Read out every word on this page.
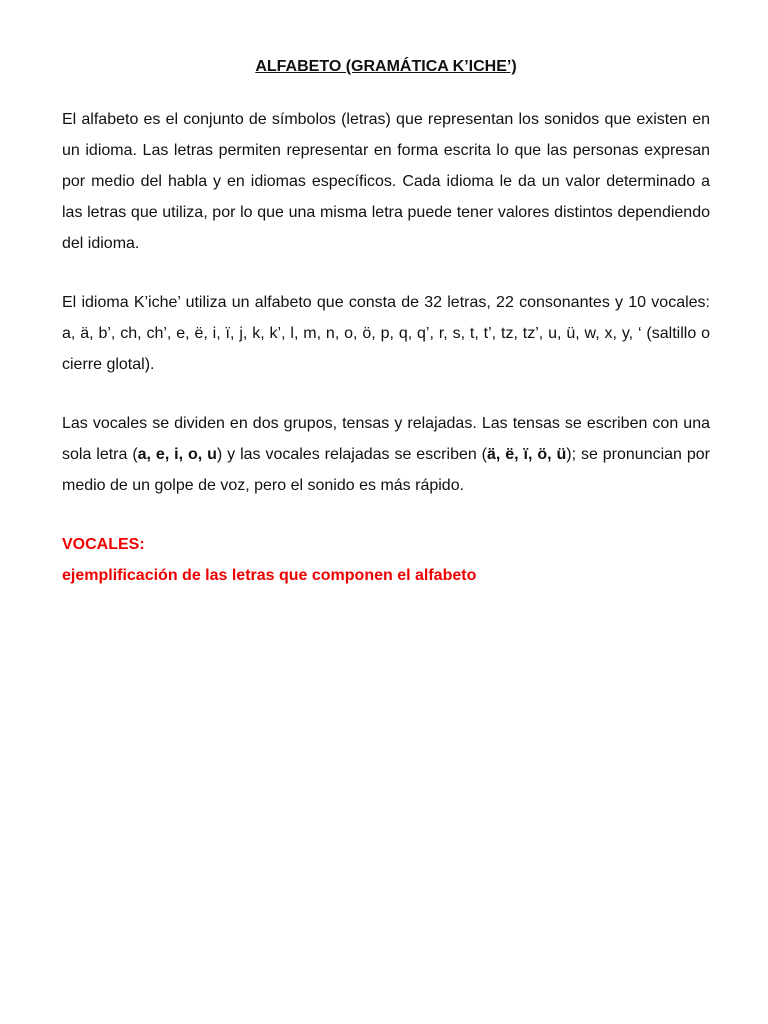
ALFABETO (GRAMÁTICA K’ICHE’)

El alfabeto es el conjunto de símbolos (letras) que representan los sonidos que existen en un idioma. Las letras permiten representar en forma escrita lo que las personas expresan por medio del habla y en idiomas específicos. Cada idioma le da un valor determinado a las letras que utiliza, por lo que una misma letra puede tener valores distintos dependiendo del idioma.

El idioma K’iche’ utiliza un alfabeto que consta de 32 letras, 22 consonantes y 10 vocales: a, ä, b’, ch, ch’, e, ë, i, ï, j, k, k’, l, m, n, o, ö, p, q, q’, r, s, t, t’, tz, tz’, u, ü, w, x, y, ‘ (saltillo o cierre glotal).

Las vocales se dividen en dos grupos, tensas y relajadas. Las tensas se escriben con una sola letra (a, e, i, o, u) y las vocales relajadas se escriben (ä, ë, ï, ö, ü); se pronuncian por medio de un golpe de voz, pero el sonido es más rápido.

VOCALES:
ejemplificación de las letras que componen el alfabeto
